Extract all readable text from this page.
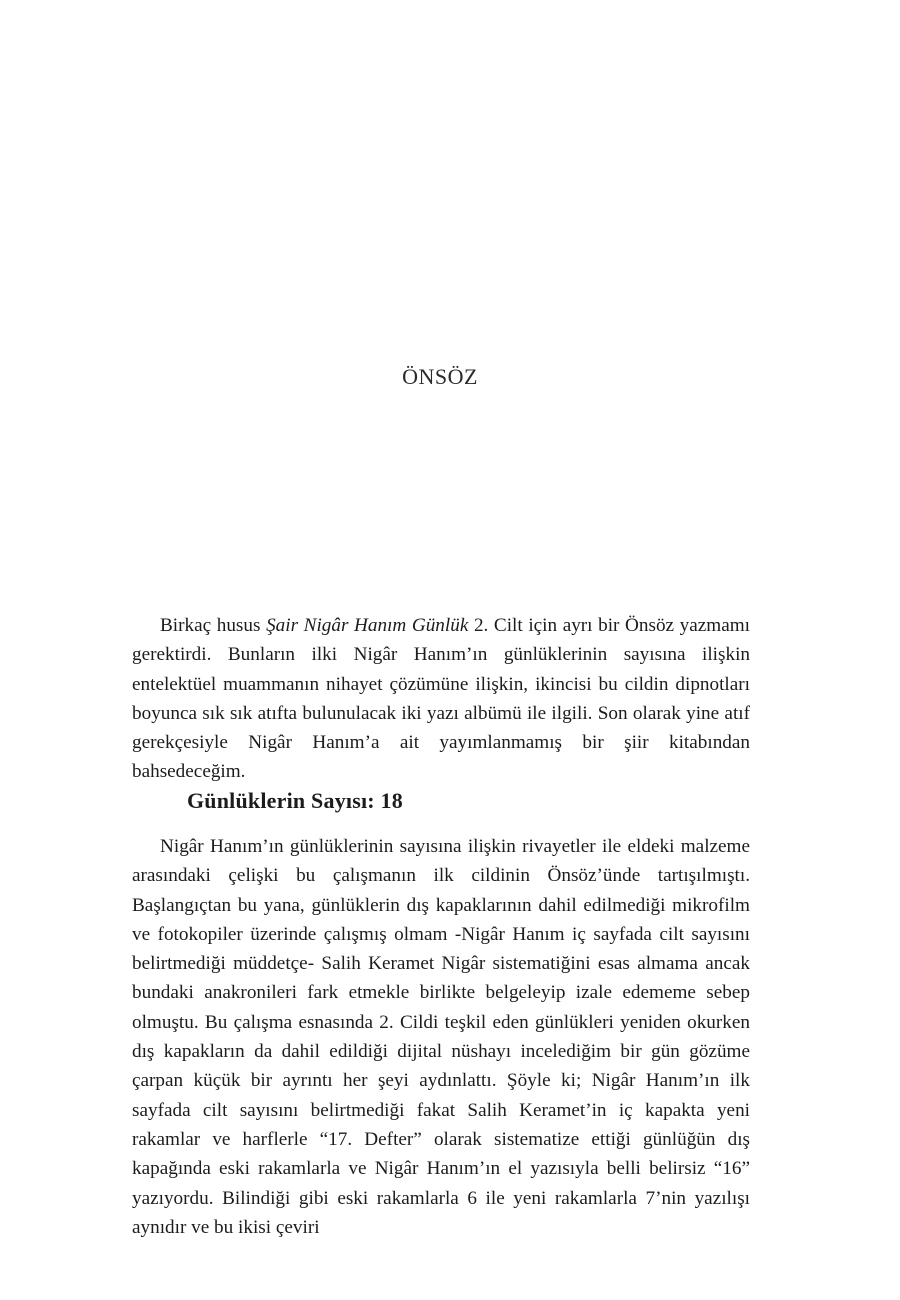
ÖNSÖZ

Birkaç husus Şair Nigâr Hanım Günlük 2. Cilt için ayrı bir Önsöz yazmamı gerektirdi. Bunların ilki Nigâr Hanım’ın günlüklerinin sayısına ilişkin entelektüel muammanın nihayet çözümüne ilişkin, ikincisi bu cildin dipnotları boyunca sık sık atıfta bulunulacak iki yazı albümü ile ilgili. Son olarak yine atıf gerekçesiyle Nigâr Hanım’a ait yayımlanmamış bir şiir kitabından bahsedeceğim.

Günlüklerin Sayısı: 18

Nigâr Hanım’ın günlüklerinin sayısına ilişkin rivayetler ile eldeki malzeme arasındaki çelişki bu çalışmanın ilk cildinin Önsöz’ünde tartışılmıştı. Başlangıçtan bu yana, günlüklerin dış kapaklarının dahil edilmediği mikrofilm ve fotokopiler üzerinde çalışmış olmam -Nigâr Hanım iç sayfada cilt sayısını belirtmediği müddetçe- Salih Keramet Nigâr sistematiğini esas almama ancak bundaki anakronileri fark etmekle birlikte belgeleyip izale edememe sebep olmuştu. Bu çalışma esnasında 2. Cildi teşkil eden günlükleri yeniden okurken dış kapakların da dahil edildiği dijital nüshayı incelediğim bir gün gözüme çarpan küçük bir ayrıntı her şeyi aydınlattı. Şöyle ki; Nigâr Hanım’ın ilk sayfada cilt sayısını belirtmediği fakat Salih Keramet’in iç kapakta yeni rakamlar ve harflerle “17. Defter” olarak sistematize ettiği günlüğün dış kapağında eski rakamlarla ve Nigâr Hanım’ın el yazısıyla belli belirsiz “16” yazıyordu. Bilindiği gibi eski rakamlarla 6 ile yeni rakamlarla 7’nin yazılışı aynıdır ve bu ikisi çeviri
